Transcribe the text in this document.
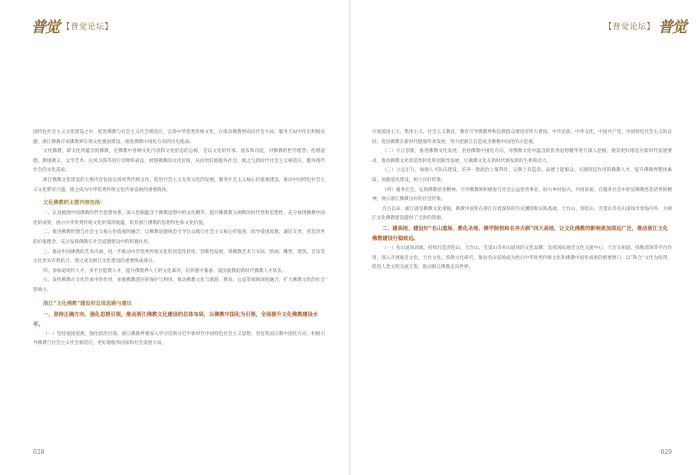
普觉 【普觉论坛】

国特色社会主义文化建设之中，促进佛教与社会主义社会相适应，弘扬中华优秀传统文化，在推动佛教界面向社会大局、服务大局中作出积极贡献，浙江佛教应该佛教界实现文化强国建设、推进佛教中国化方向的历史使命。

文化佛教，即文化所蕴含的佛教，是佛教中各种文化内容和文化形态的总称，是以文化的传承、流布和功能，对佛教的哲学理念、伦理道德、教规教义、文学艺术、民风习俗等进行诠释和表达，展现佛教的文化价值，从而更好地服务社会，使之与新时代社会主义相适应，服务现代社会的文化需求。

浙江佛教文化建设的主要内容包括弘扬优秀传统文化，促进社会主义先进文化的发展，服务社会主义核心价值观建设，推动中国特色社会主义文化繁荣兴盛，使之成为中华优秀传统文化传承发展的重要载体。

文化佛教的主要内容包括：

一、认真梳理中国佛教的哲学思想体系，深入挖掘蕴含于佛教思想中的文化精华，提升佛教教义阐释的时代性和思想性，充分体现佛教中国化的成果，展示中华优秀传统文化的深厚底蕴，彰显浙江佛教的思想特色和文化价值。

二、推进佛教伦理与社会主义核心价值观的融合，以佛教道德规范引导信众践行社会主义核心价值观，倡导爱国爱教、诚信友善、慈悲济世的价值理念，充分发挥佛教在社会道德建设中的积极作用。

三、推动中国佛教的艺术内涵、进一步推动中华优秀传统文化的创造性转化、创新性发展，将佛教艺术与书法、绘画、雕塑、建筑、音乐等文化形式有机结合，使之成为浙江文化建设的重要组成部分。

四、参加道场传人才，多平台能教人才，提升佛教界人士的文化素养，培养德才兼备、爱国爱教的新时代佛教人才队伍。

五、发挥佛教在文化传承中的作用，加强佛教遗存的保护与利用，推动佛教文化与旅游、教育、公益等领域深度融合，扩大佛教文化的社会影响力。

浙江“文化佛教”建设的总体思路与建议

一、坚持正确方向，强化思想引领，推动浙江佛教文化建设的总体布局，以佛教中国化为引领，全面提升文化佛教建设水平。

（一）坚持爱国爱教，强化政治引领。浙江佛教界要深入学习贯彻习近平新时代中国特色社会主义思想，坚持我国宗教中国化方向，积极引导佛教与社会主义社会相适应，更好地服务国家和社会发展大局。

028
【普觉论坛】 普觉

开展爱国主义、集体主义、社会主义教育，教育引导佛教界和信教群众增进对伟大祖国、中华民族、中华文化、中国共产党、中国特色社会主义的认同，促进佛教在新时代健康传承发展，努力把浙江打造成为佛教中国化的示范地。

（二）守正创新，推进佛教文化发展。坚持佛教中国化方向，对佛教文化中蕴含的优秀思想精华进行深入挖掘，使其更好地适应新时代发展要求，推动佛教文化创造性转化和创新性发展，让佛教文化在新时代焕发新的生机和活力。

（三）立足正行，加强人才队伍建设。培养一批政治上靠得住、宗教上有造诣、品德上能服众、关键时起作用的佛教人才，提升佛教界整体素质，加强道风建设，树立良好形象。

（四）服务社会，弘扬佛教慈善精神。引导佛教界积极参与社会公益慈善事业，助力乡村振兴、共同富裕，在服务社会中彰显佛教慈悲济世的精神，展示浙江佛教良好的社会形象。

自古以来，浙江就是佛教文化重镇，佛教中国化在浙江有着深厚的历史渊源和实践基础，天台山、普陀山、雪窦山等名山道场享誉海内外，为浙江文化佛教建设提供了宝贵的资源。

二、建高地、建设好“名山道场、教化圣地、佛学院校和名寺古刹”四大高地，让文化佛教的影响更加深远广泛，推动浙江文化佛教建设行稳致远。

（一）名山道场高地。持续打造普陀山、天台山、雪窦山等名山道场的文化品牌，发挥国际观音文化交流中心、天台宗祖庭、弥勒道场等平台作用，深入开展观音文化、天台文化、弥勒文化研究，推动名山道场成为展示中华优秀传统文化和佛教中国化成果的重要窗口，以“和合”文化为纽带，促进人类文明交流互鉴，推动浙江佛教走向世界。

029
